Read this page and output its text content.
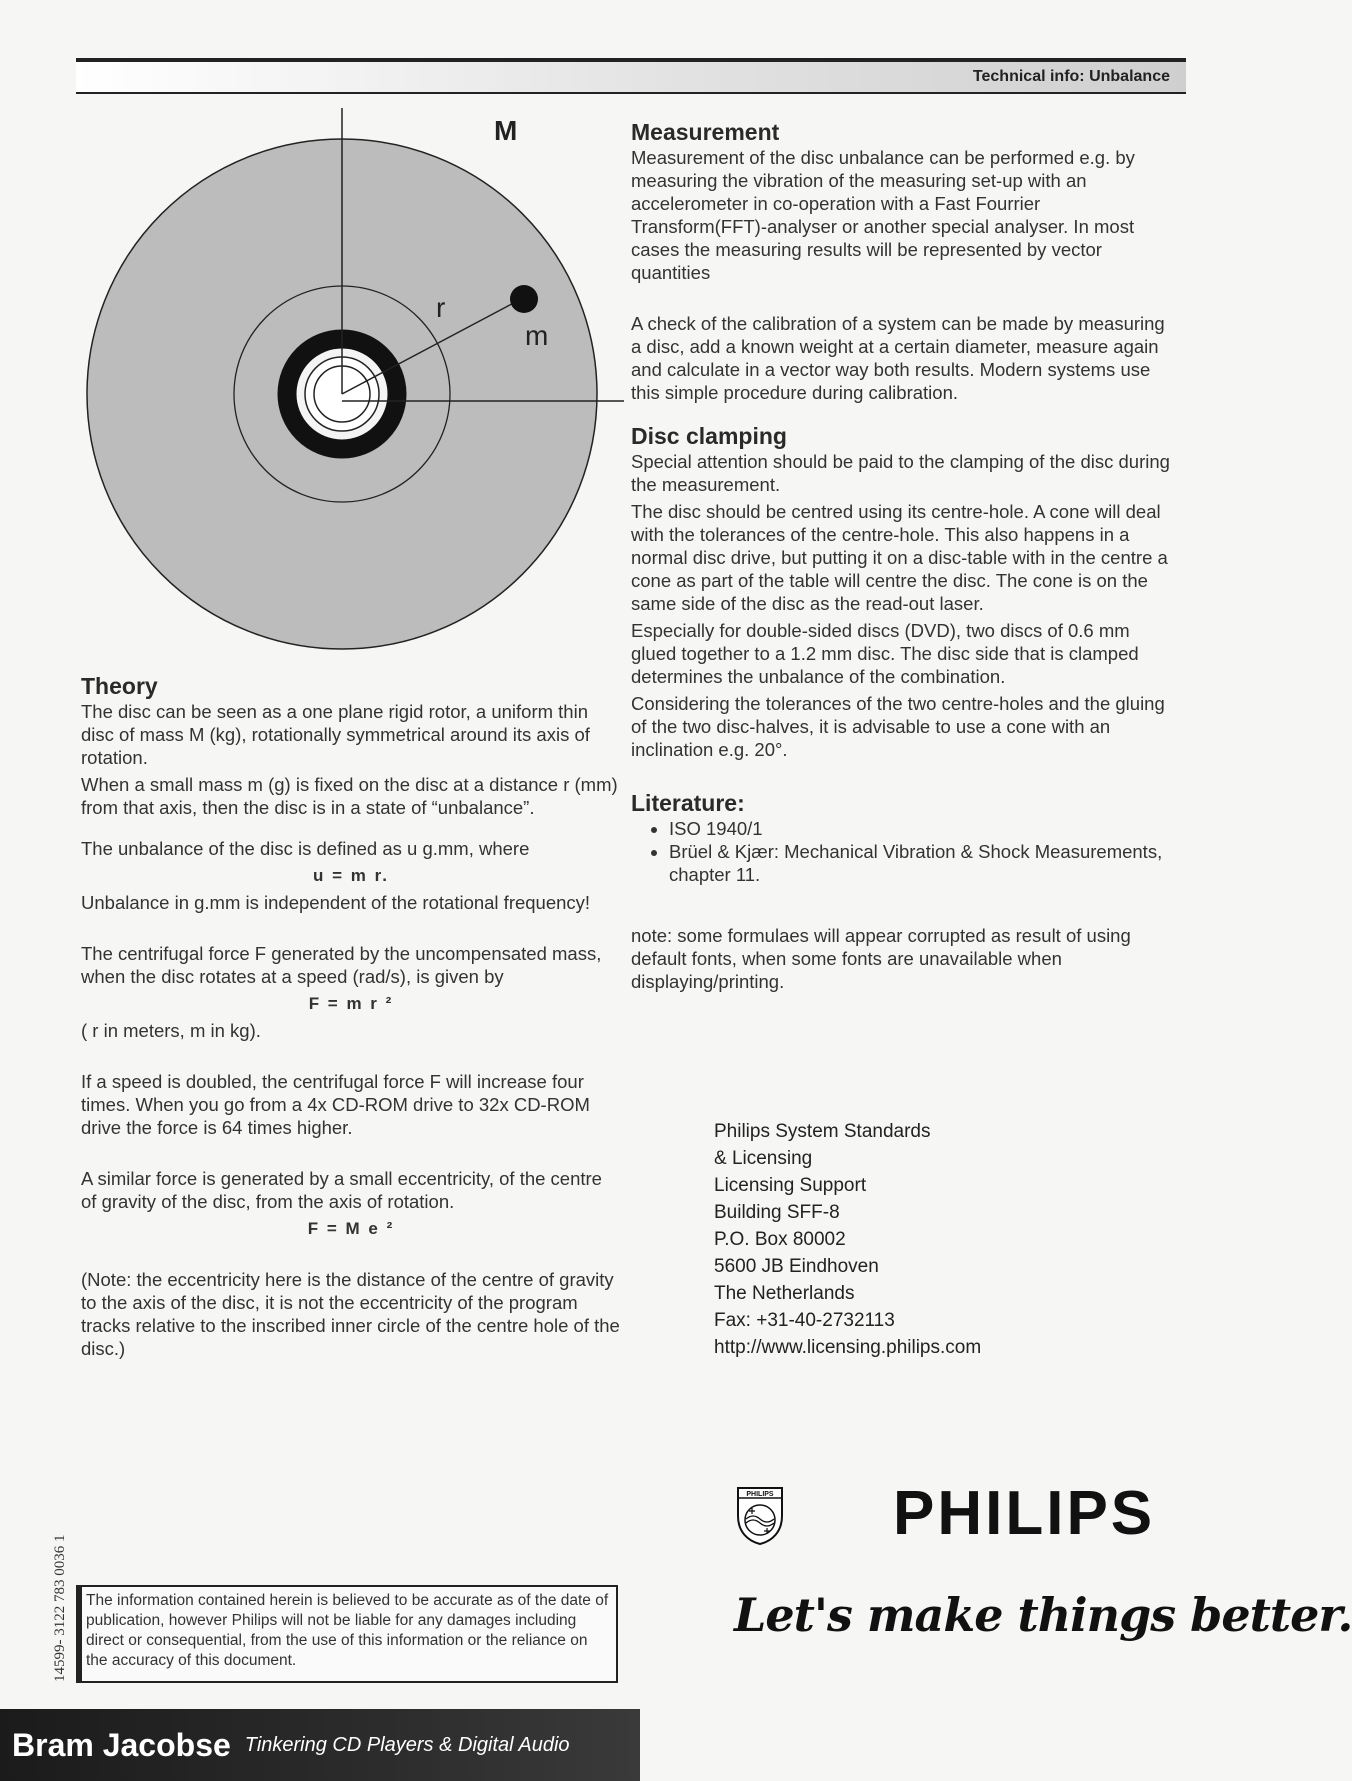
Technical info: Unbalance
M
r
m
Theory

The disc can be seen as a one plane rigid rotor, a uniform thin disc of mass M (kg), rotationally symmetrical around its axis of rotation.

When a small mass m (g) is fixed on the disc at a distance r (mm) from that axis, then the disc is in a state of “unbalance”.

The unbalance of the disc is defined as u g.mm, where

u = m r.

Unbalance in g.mm is independent of the rotational frequency!

The centrifugal force F generated by the uncompensated mass, when the disc rotates at a speed (rad/s), is given by

F = m r ²

( r in meters, m in kg).

If a speed is doubled, the centrifugal force F will increase four times. When you go from a 4x CD-ROM drive to 32x CD-ROM drive the force is 64 times higher.

A similar force is generated by a small eccentricity, of the centre of gravity of the disc, from the axis of rotation.

F = M e ²

(Note: the eccentricity here is the distance of the centre of gravity to the axis of the disc, it is not the eccentricity of the program tracks relative to the inscribed inner circle of the centre hole of the disc.)

Measurement

Measurement of the disc unbalance can be performed e.g. by measuring the vibration of the measuring set-up with an accelerometer in co-operation with a Fast Fourrier Transform(FFT)-analyser or another special analyser. In most cases the measuring results will be represented by vector quantities

A check of the calibration of a system can be made by measuring a disc, add a known weight at a certain diameter, measure again and calculate in a vector way both results. Modern systems use this simple procedure during calibration.

Disc clamping

Special attention should be paid to the clamping of the disc during the measurement.

The disc should be centred using its centre-hole. A cone will deal with the tolerances of the centre-hole. This also happens in a normal disc drive, but putting it on a disc-table with in the centre a cone as part of the table will centre the disc. The cone is on the same side of the disc as the read-out laser.

Especially for double-sided discs (DVD), two discs of 0.6 mm glued together to a 1.2 mm disc. The disc side that is clamped determines the unbalance of the combination.

Considering the tolerances of the two centre-holes and the gluing of the two disc-halves, it is advisable to use a cone with an inclination e.g. 20°.

Literature:
• ISO 1940/1
• Brüel & Kjær: Mechanical Vibration & Shock Measurements, chapter 11.

note: some formulaes will appear corrupted as result of using default fonts, when some fonts are unavailable when displaying/printing.

Philips System Standards
& Licensing
Licensing Support
Building SFF-8
P.O. Box 80002
5600 JB Eindhoven
The Netherlands
Fax: +31-40-2732113
http://www.licensing.philips.com
PHILIPS PHILIPS
Let's make things better.
14599- 3122 783 0036 1	The information contained herein is believed to be accurate as of the date of publication, however Philips will not be liable for any damages including direct or consequential, from the use of this information or the reliance on the accuracy of this document.
Bram Jacobse Tinkering CD Players & Digital Audio
